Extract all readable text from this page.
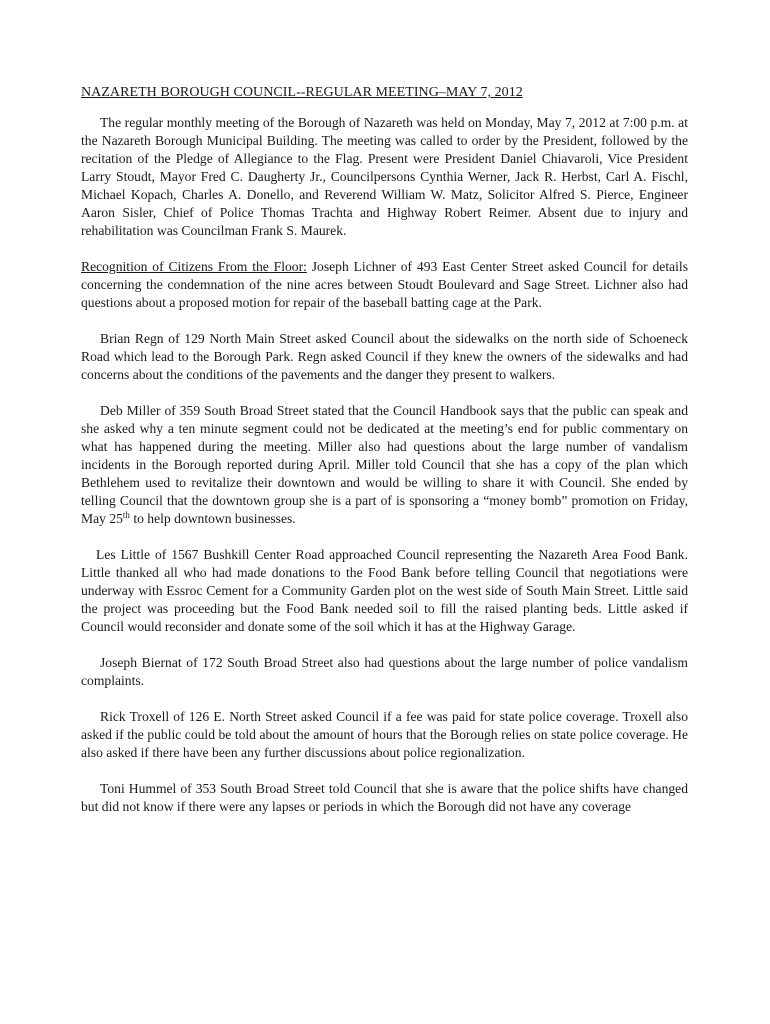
NAZARETH BOROUGH COUNCIL--REGULAR MEETING–MAY 7, 2012

The regular monthly meeting of the Borough of Nazareth was held on Monday, May 7, 2012 at 7:00 p.m. at the Nazareth Borough Municipal Building. The meeting was called to order by the President, followed by the recitation of the Pledge of Allegiance to the Flag. Present were President Daniel Chiavaroli, Vice President Larry Stoudt, Mayor Fred C. Daugherty Jr., Councilpersons Cynthia Werner, Jack R. Herbst, Carl A. Fischl, Michael Kopach, Charles A. Donello, and Reverend William W. Matz, Solicitor Alfred S. Pierce, Engineer Aaron Sisler, Chief of Police Thomas Trachta and Highway Robert Reimer. Absent due to injury and rehabilitation was Councilman Frank S. Maurek.

Recognition of Citizens From the Floor: Joseph Lichner of 493 East Center Street asked Council for details concerning the condemnation of the nine acres between Stoudt Boulevard and Sage Street. Lichner also had questions about a proposed motion for repair of the baseball batting cage at the Park.

Brian Regn of 129 North Main Street asked Council about the sidewalks on the north side of Schoeneck Road which lead to the Borough Park. Regn asked Council if they knew the owners of the sidewalks and had concerns about the conditions of the pavements and the danger they present to walkers.

Deb Miller of 359 South Broad Street stated that the Council Handbook says that the public can speak and she asked why a ten minute segment could not be dedicated at the meeting’s end for public commentary on what has happened during the meeting. Miller also had questions about the large number of vandalism incidents in the Borough reported during April. Miller told Council that she has a copy of the plan which Bethlehem used to revitalize their downtown and would be willing to share it with Council. She ended by telling Council that the downtown group she is a part of is sponsoring a “money bomb” promotion on Friday, May 25th to help downtown businesses.

Les Little of 1567 Bushkill Center Road approached Council representing the Nazareth Area Food Bank. Little thanked all who had made donations to the Food Bank before telling Council that negotiations were underway with Essroc Cement for a Community Garden plot on the west side of South Main Street. Little said the project was proceeding but the Food Bank needed soil to fill the raised planting beds. Little asked if Council would reconsider and donate some of the soil which it has at the Highway Garage.

Joseph Biernat of 172 South Broad Street also had questions about the large number of police vandalism complaints.

Rick Troxell of 126 E. North Street asked Council if a fee was paid for state police coverage. Troxell also asked if the public could be told about the amount of hours that the Borough relies on state police coverage. He also asked if there have been any further discussions about police regionalization.

Toni Hummel of 353 South Broad Street told Council that she is aware that the police shifts have changed but did not know if there were any lapses or periods in which the Borough did not have any coverage
